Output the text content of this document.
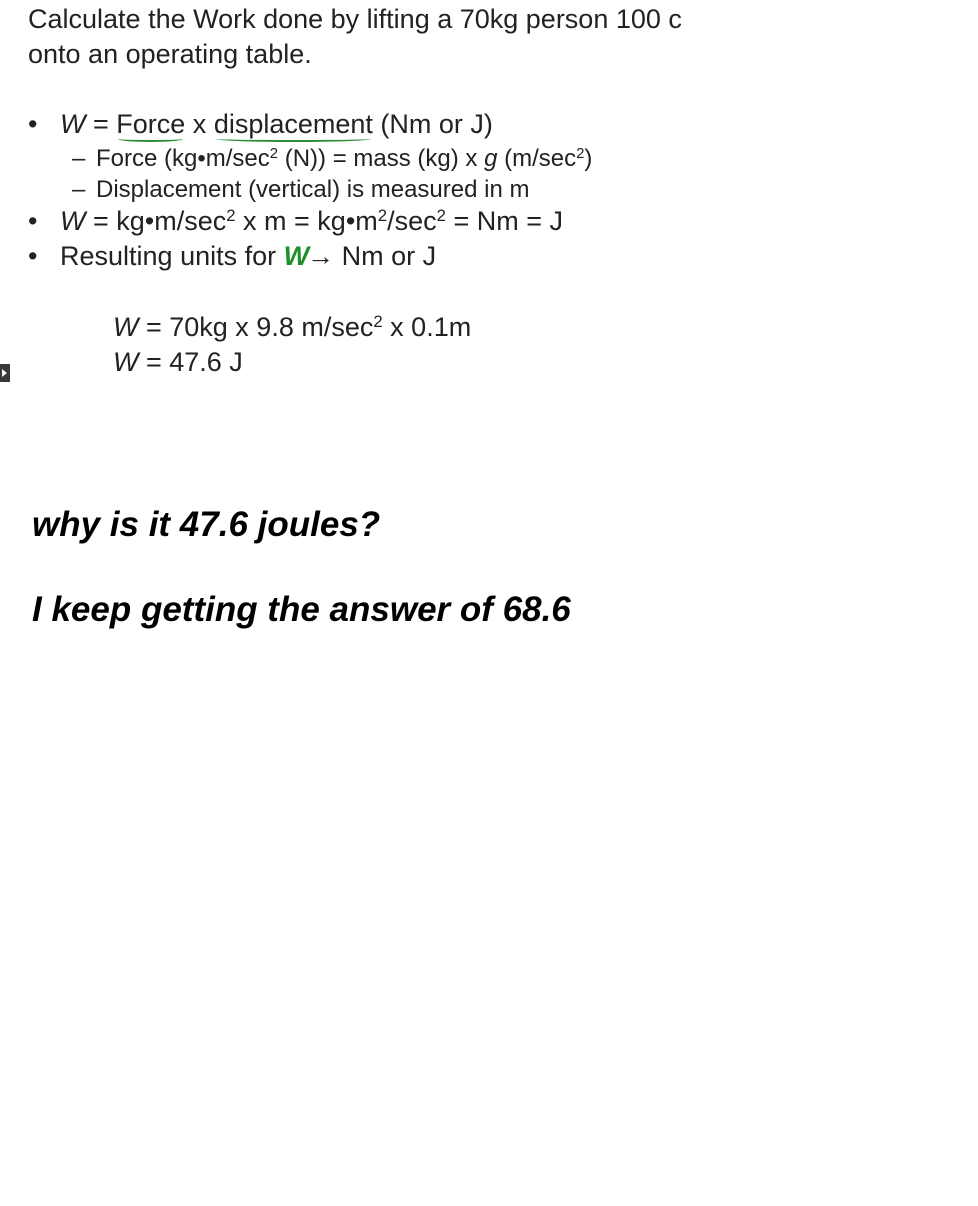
Calculate the Work done by lifting a 70kg person 100 c
onto an operating table.
• W = Force x displacement (Nm or J)
– Force ($kg•m/\sec^2$ (N)) = mass (kg) x g $(m/\sec^2)$
– Displacement (vertical) is measured in m
• $W = kg•m/\sec^2$ x $m = kg•m^2/\sec^2 = Nm = J$
• Resulting units for W→ Nm or J
W = 70kg x 9.8 $m/\sec^2$ x 0.1m
W = 47.6 J
why is it 47.6 joules?
I keep getting the answer of 68.6
